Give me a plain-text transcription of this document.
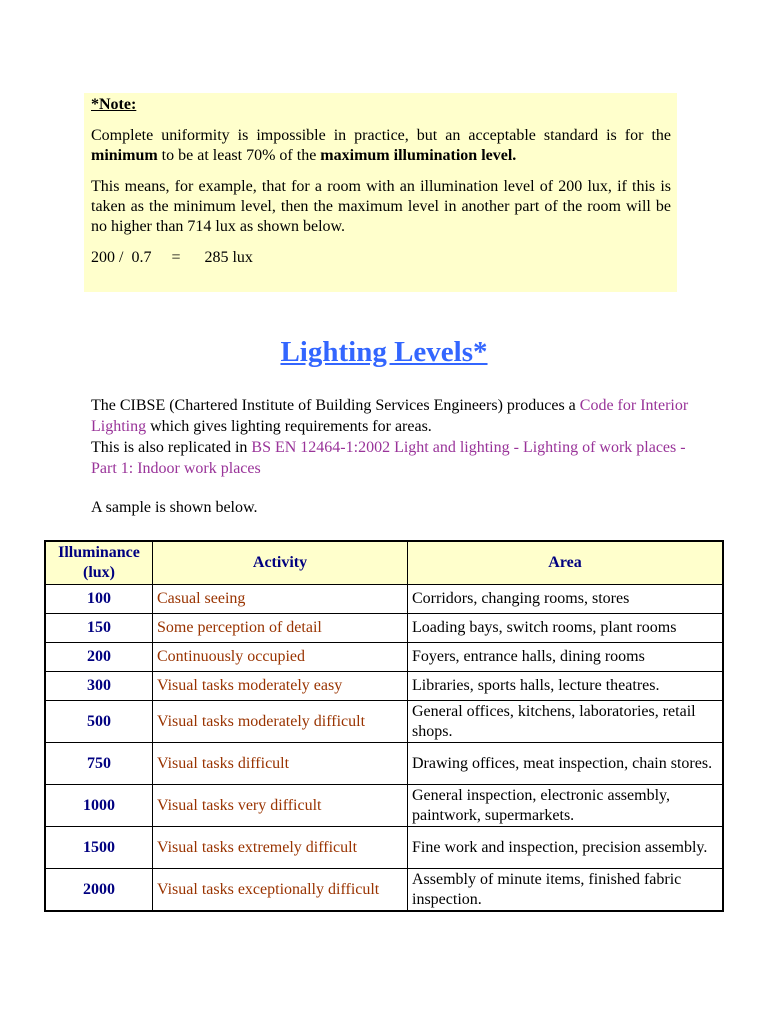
*Note:

Complete uniformity is impossible in practice, but an acceptable standard is for the minimum to be at least 70% of the maximum illumination level.

This means, for example, that for a room with an illumination level of 200 lux, if this is taken as the minimum level, then the maximum level in another part of the room will be no higher than 714 lux as shown below.

200 /  0.7     =      285 lux

Lighting Levels*

The CIBSE (Chartered Institute of Building Services Engineers) produces a Code for Interior Lighting which gives lighting requirements for areas.

This is also replicated in BS EN 12464-1:2002 Light and lighting - Lighting of work places - Part 1: Indoor work places

A sample is shown below.

Illuminance (lux)	Activity	Area
100	Casual seeing	Corridors, changing rooms, stores
150	Some perception of detail	Loading bays, switch rooms, plant rooms
200	Continuously occupied	Foyers, entrance halls, dining rooms
300	Visual tasks moderately easy	Libraries, sports halls, lecture theatres.
500	Visual tasks moderately difficult	General offices, kitchens, laboratories, retail shops.
750	Visual tasks difficult	Drawing offices, meat inspection, chain stores.
1000	Visual tasks very difficult	General inspection, electronic assembly, paintwork, supermarkets.
1500	Visual tasks extremely difficult	Fine work and inspection, precision assembly.
2000	Visual tasks exceptionally difficult	Assembly of minute items, finished fabric inspection.
